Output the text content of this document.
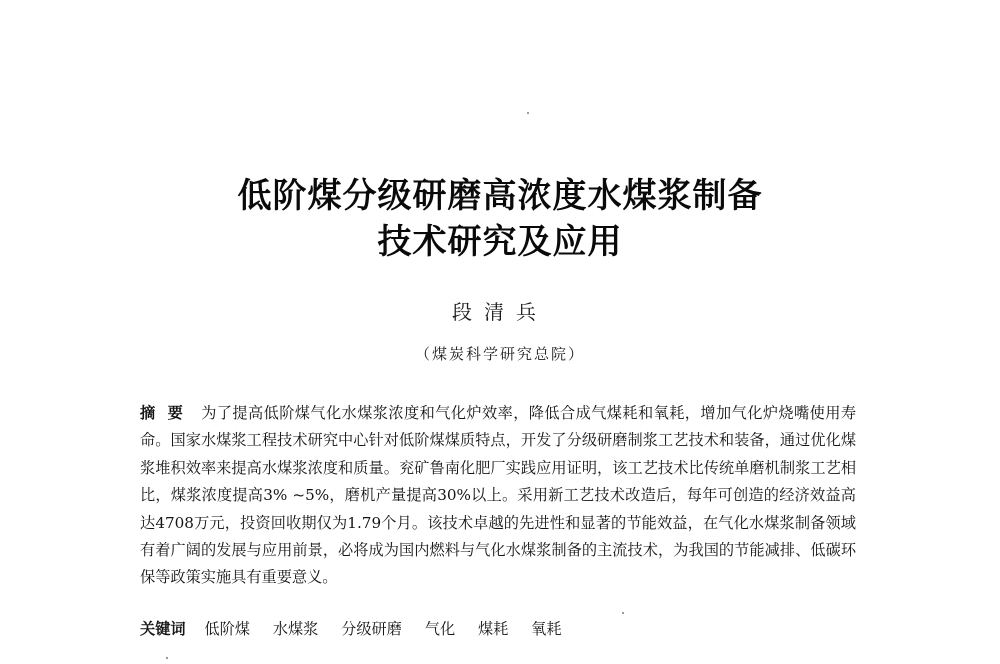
低阶煤分级研磨高浓度水煤浆制备
技术研究及应用
段清兵
（煤炭科学研究总院）
摘要 为了提高低阶煤气化水煤浆浓度和气化炉效率，降低合成气煤耗和氧耗，增加气化炉烧嘴使用寿命。国家水煤浆工程技术研究中心针对低阶煤煤质特点，开发了分级研磨制浆工艺技术和装备，通过优化煤浆堆积效率来提高水煤浆浓度和质量。兖矿鲁南化肥厂实践应用证明，该工艺技术比传统单磨机制浆工艺相比，煤浆浓度提高3% ~5%，磨机产量提高30%以上。采用新工艺技术改造后，每年可创造的经济效益高达4708万元，投资回收期仅为1.79个月。该技术卓越的先进性和显著的节能效益，在气化水煤浆制备领域有着广阔的发展与应用前景，必将成为国内燃料与气化水煤浆制备的主流技术，为我国的节能减排、低碳环保等政策实施具有重要意义。
关键词 低阶煤 水煤浆 分级研磨 气化 煤耗 氧耗
